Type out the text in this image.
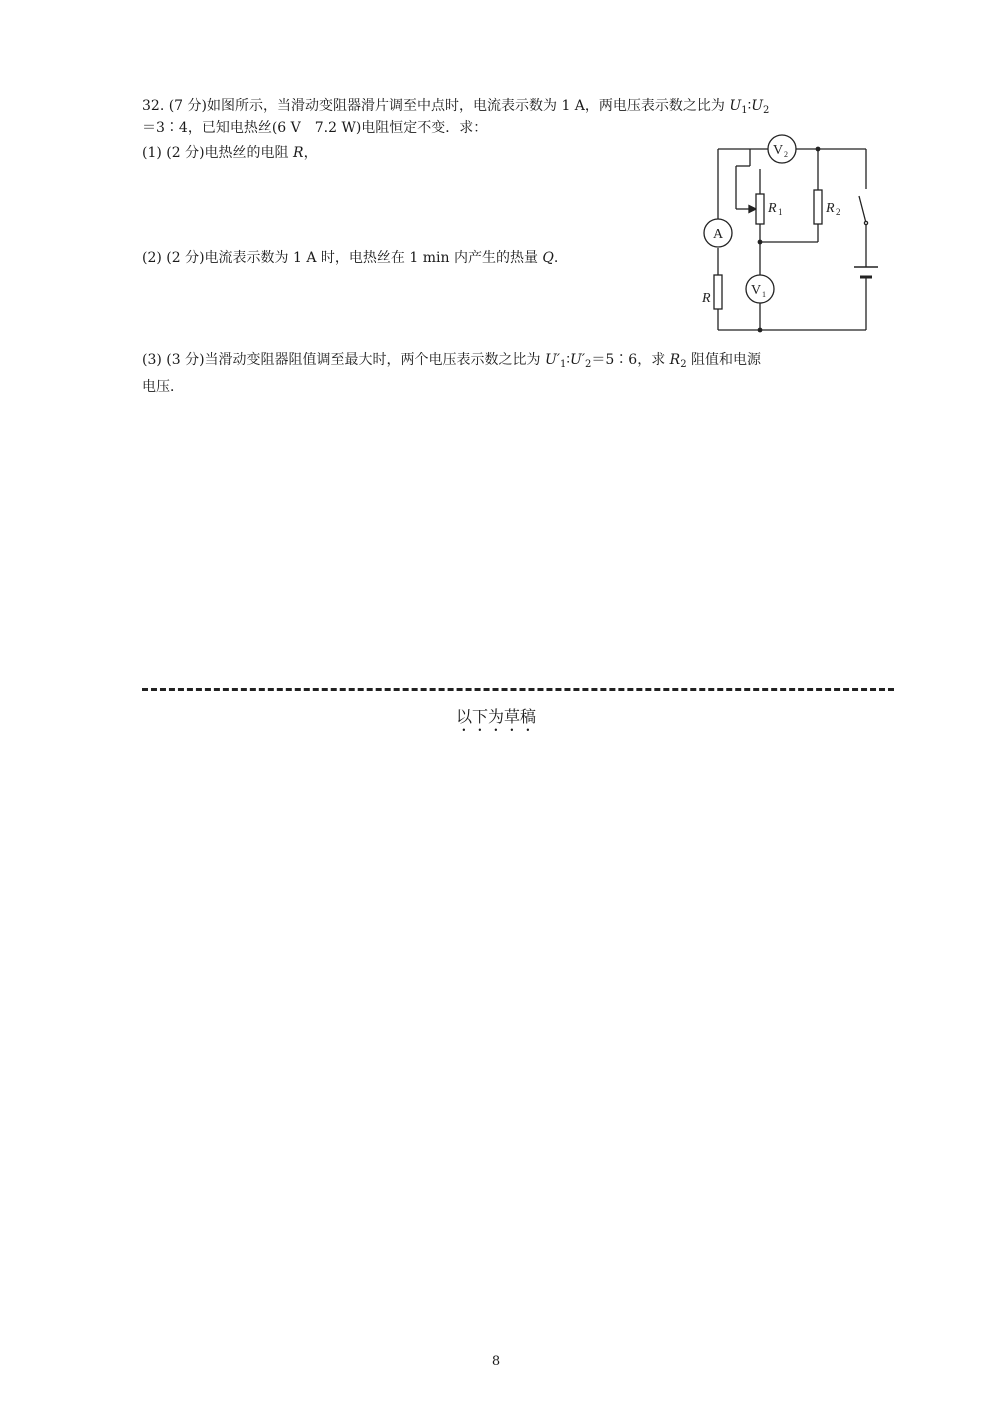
32. (7 分)如图所示，当滑动变阻器滑片调至中点时，电流表示数为 1 A，两电压表示数之比为 $U_1∶U_2$
＝3∶4，已知电热丝(6 V　7.2 W)电阻恒定不变．求：
(1) (2 分)电热丝的电阻 R，
(2) (2 分)电流表示数为 1 A 时，电热丝在 1 min 内产生的热量 Q.
(3) (3 分)当滑动变阻器阻值调至最大时，两个电压表示数之比为 $U'_1∶U'_2=5∶6$，求 $R_2$ 阻值和电源
电压．
A
V 2
V 1
R	R
R
1	2
以下为草稿
8
